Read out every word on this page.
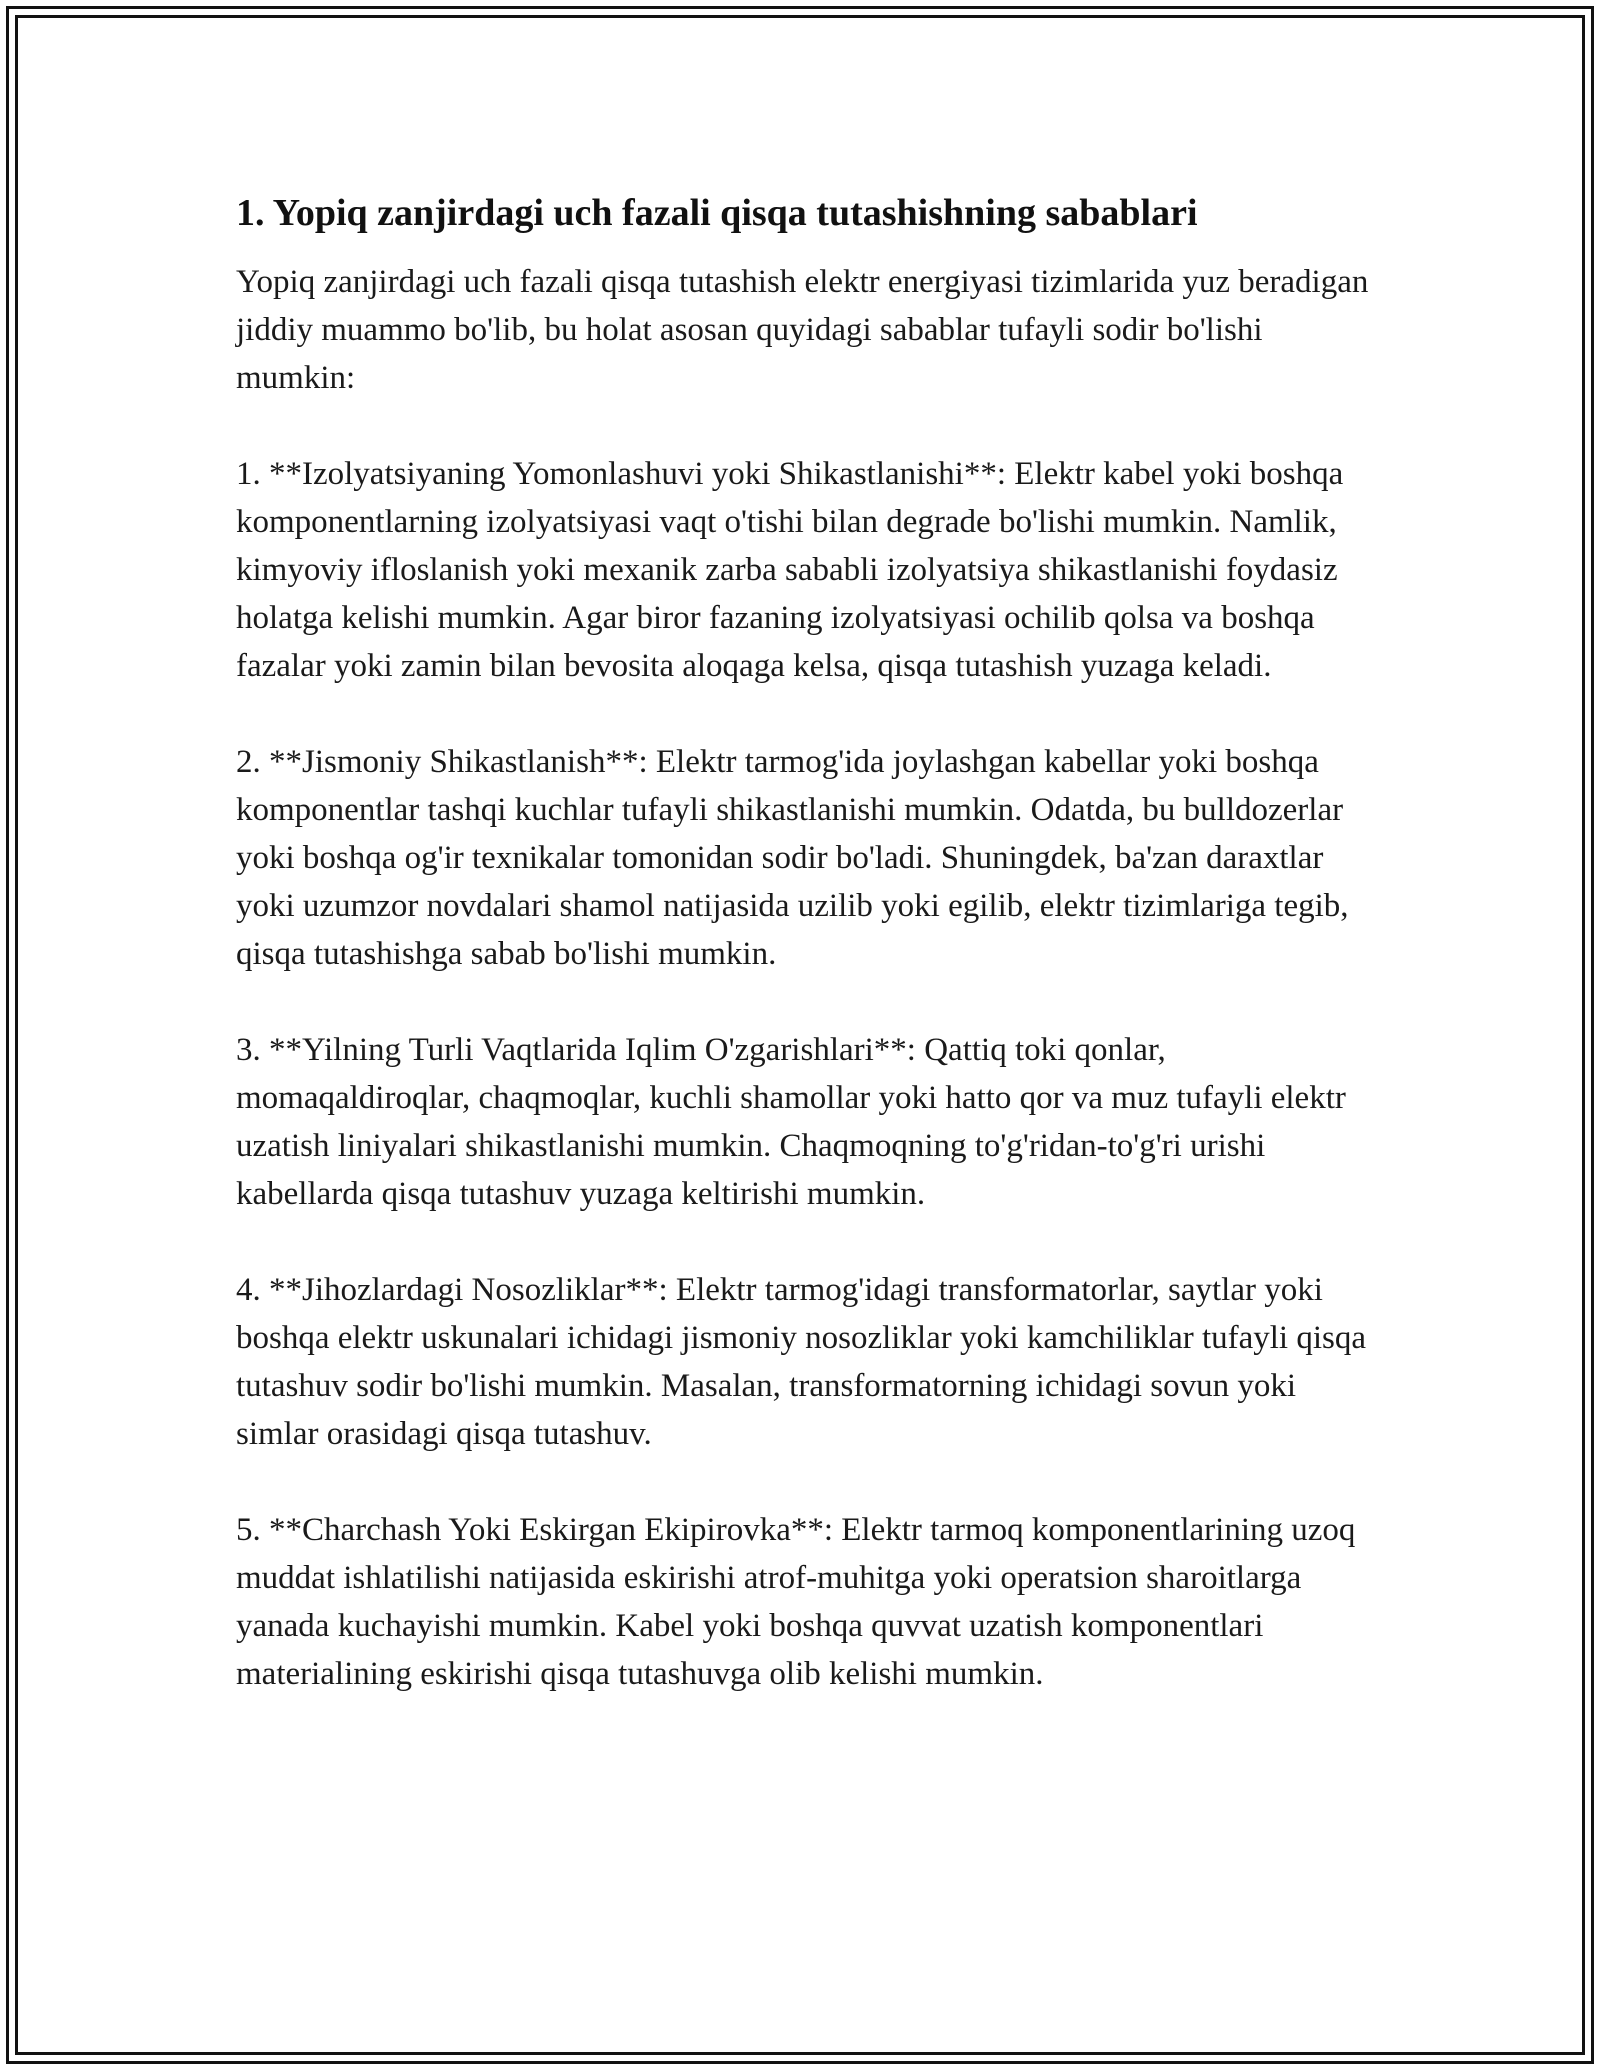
1. Yopiq zanjirdagi uch fazali qisqa tutashishning sabablari

Yopiq zanjirdagi uch fazali qisqa tutashish elektr energiyasi tizimlarida yuz beradigan jiddiy muammo bo'lib, bu holat asosan quyidagi sabablar tufayli sodir bo'lishi mumkin:

1. **Izolyatsiyaning Yomonlashuvi yoki Shikastlanishi**: Elektr kabel yoki boshqa komponentlarning izolyatsiyasi vaqt o'tishi bilan degrade bo'lishi mumkin. Namlik, kimyoviy ifloslanish yoki mexanik zarba sababli izolyatsiya shikastlanishi foydasiz holatga kelishi mumkin. Agar biror fazaning izolyatsiyasi ochilib qolsa va boshqa fazalar yoki zamin bilan bevosita aloqaga kelsa, qisqa tutashish yuzaga keladi.

2. **Jismoniy Shikastlanish**: Elektr tarmog'ida joylashgan kabellar yoki boshqa komponentlar tashqi kuchlar tufayli shikastlanishi mumkin. Odatda, bu bulldozerlar yoki boshqa og'ir texnikalar tomonidan sodir bo'ladi. Shuningdek, ba'zan daraxtlar yoki uzumzor novdalari shamol natijasida uzilib yoki egilib, elektr tizimlariga tegib, qisqa tutashishga sabab bo'lishi mumkin.

3. **Yilning Turli Vaqtlarida Iqlim O'zgarishlari**: Qattiq toki qonlar, momaqaldiroqlar, chaqmoqlar, kuchli shamollar yoki hatto qor va muz tufayli elektr uzatish liniyalari shikastlanishi mumkin. Chaqmoqning to'g'ridan-to'g'ri urishi kabellarda qisqa tutashuv yuzaga keltirishi mumkin.

4. **Jihozlardagi Nosozliklar**: Elektr tarmog'idagi transformatorlar, saytlar yoki boshqa elektr uskunalari ichidagi jismoniy nosozliklar yoki kamchiliklar tufayli qisqa tutashuv sodir bo'lishi mumkin. Masalan, transformatorning ichidagi sovun yoki simlar orasidagi qisqa tutashuv.

5. **Charchash Yoki Eskirgan Ekipirovka**: Elektr tarmoq komponentlarining uzoq muddat ishlatilishi natijasida eskirishi atrof-muhitga yoki operatsion sharoitlarga yanada kuchayishi mumkin. Kabel yoki boshqa quvvat uzatish komponentlari materialining eskirishi qisqa tutashuvga olib kelishi mumkin.
